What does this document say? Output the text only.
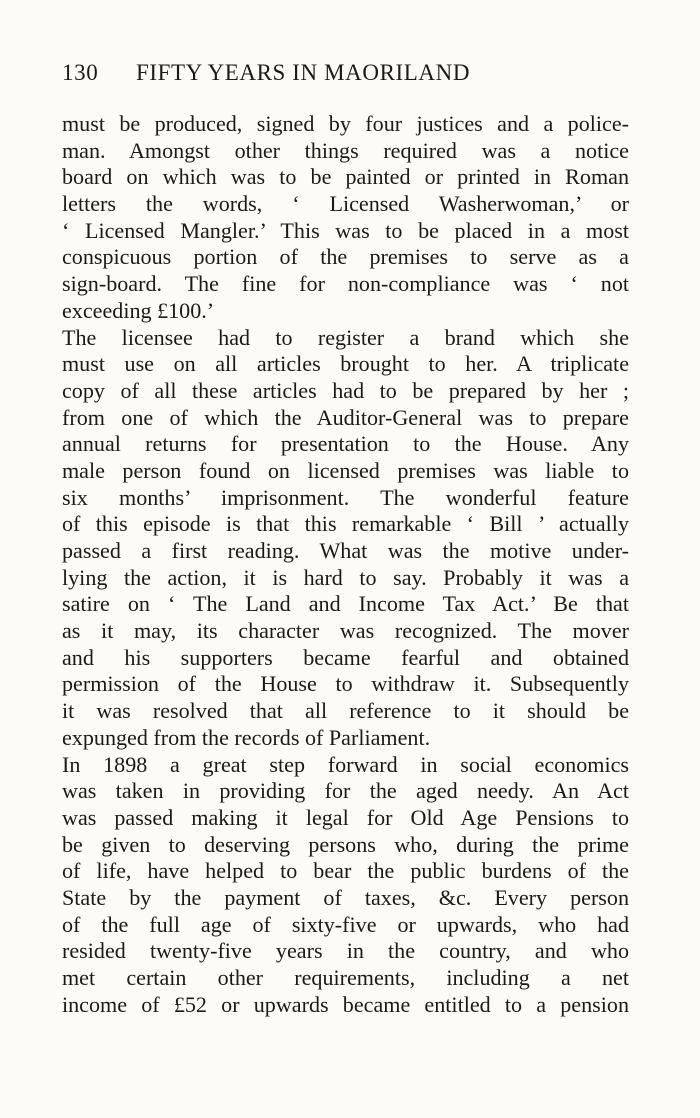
130	FIFTY YEARS IN MAORILAND
must be produced, signed by four justices and a police-
man. Amongst other things required was a notice
board on which was to be painted or printed in Roman
letters the words, ‘ Licensed Washerwoman,’ or
‘ Licensed Mangler.’ This was to be placed in a most
conspicuous portion of the premises to serve as a
sign-board. The fine for non-compliance was ‘ not
exceeding £100.’
The licensee had to register a brand which she
must use on all articles brought to her. A triplicate
copy of all these articles had to be prepared by her ;
from one of which the Auditor-General was to prepare
annual returns for presentation to the House. Any
male person found on licensed premises was liable to
six months’ imprisonment. The wonderful feature
of this episode is that this remarkable ‘ Bill ’ actually
passed a first reading. What was the motive under-
lying the action, it is hard to say. Probably it was a
satire on ‘ The Land and Income Tax Act.’ Be that
as it may, its character was recognized. The mover
and his supporters became fearful and obtained
permission of the House to withdraw it. Subsequently
it was resolved that all reference to it should be
expunged from the records of Parliament.
In 1898 a great step forward in social economics
was taken in providing for the aged needy. An Act
was passed making it legal for Old Age Pensions to
be given to deserving persons who, during the prime
of life, have helped to bear the public burdens of the
State by the payment of taxes, &c. Every person
of the full age of sixty-five or upwards, who had
resided twenty-five years in the country, and who
met certain other requirements, including a net
income of £52 or upwards became entitled to a pension
